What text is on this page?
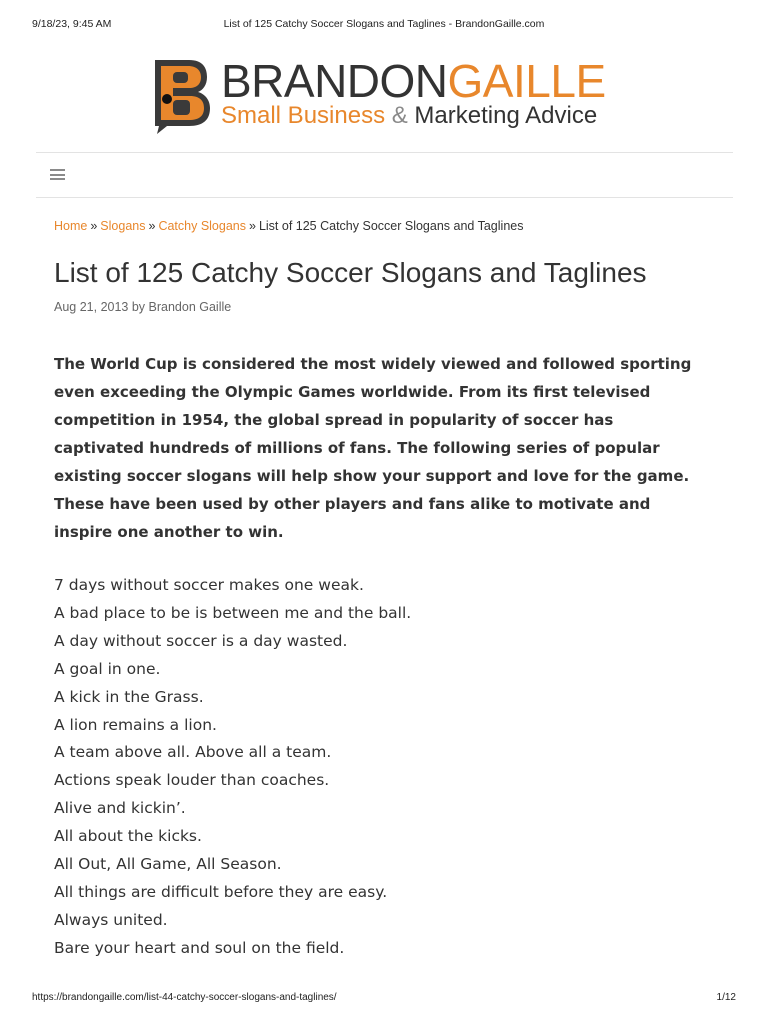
9/18/23, 9:45 AM	List of 125 Catchy Soccer Slogans and Taglines - BrandonGaille.com
BRANDONGAILLE
Small Business & Marketing Advice
Home » Slogans » Catchy Slogans » List of 125 Catchy Soccer Slogans and Taglines
List of 125 Catchy Soccer Slogans and Taglines
Aug 21, 2013 by Brandon Gaille

The World Cup is considered the most widely viewed and followed sporting even exceeding the Olympic Games worldwide. From its first televised competition in 1954, the global spread in popularity of soccer has captivated hundreds of millions of fans. The following series of popular existing soccer slogans will help show your support and love for the game. These have been used by other players and fans alike to motivate and inspire one another to win.

7 days without soccer makes one weak.
A bad place to be is between me and the ball.
A day without soccer is a day wasted.
A goal in one.
A kick in the Grass.
A lion remains a lion.
A team above all. Above all a team.
Actions speak louder than coaches.
Alive and kickin’.
All about the kicks.
All Out, All Game, All Season.
All things are difficult before they are easy.
Always united.
Bare your heart and soul on the field.
https://brandongaille.com/list-44-catchy-soccer-slogans-and-taglines/	1/12
